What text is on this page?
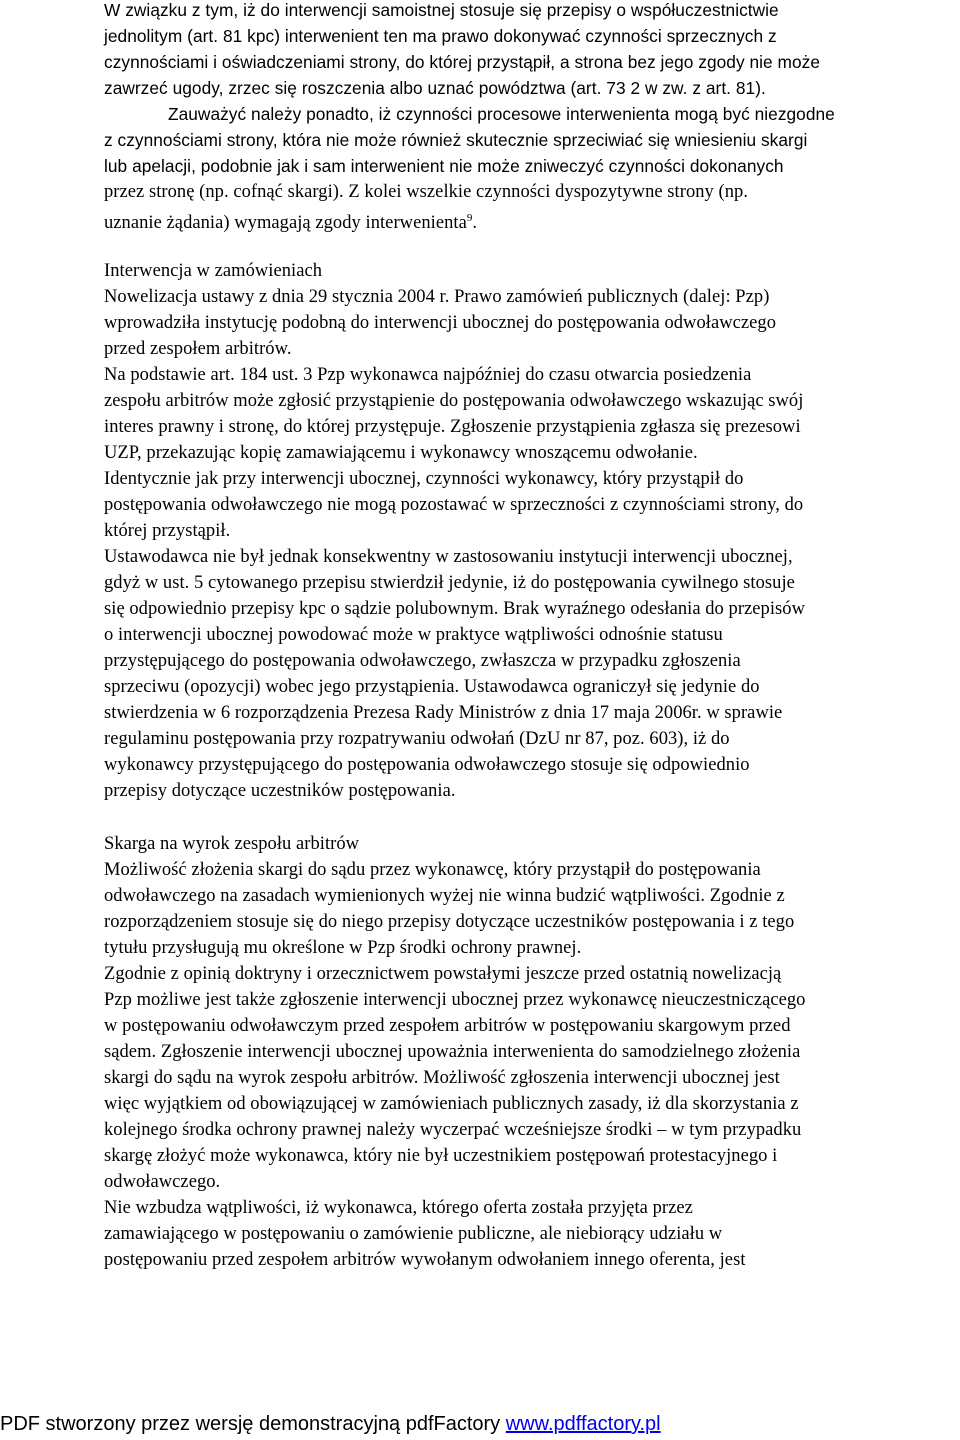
W związku z tym, iż do interwencji samoistnej stosuje się przepisy o współuczestnictwie
jednolitym (art. 81 kpc) interwenient ten ma prawo dokonywać czynności sprzecznych z
czynnościami i oświadczeniami strony, do której przystąpił, a strona bez jego zgody nie może
zawrzeć ugody, zrzec się roszczenia albo uznać powództwa (art. 73 2 w zw. z art. 81).
Zauważyć należy ponadto, iż czynności procesowe interwenienta mogą być niezgodne
z czynnościami strony, która nie może również skutecznie sprzeciwiać się wniesieniu skargi
lub apelacji, podobnie jak i sam interwenient nie może zniweczyć czynności dokonanych
przez stronę (np. cofnąć skargi). Z kolei wszelkie czynności dyspozytywne strony (np.
uznanie żądania) wymagają zgody interwenienta$^9$.
Interwencja w zamówieniach
Nowelizacja ustawy z dnia 29 stycznia 2004 r. Prawo zamówień publicznych (dalej: Pzp)
wprowadziła instytucję podobną do interwencji ubocznej do postępowania odwoławczego
przed zespołem arbitrów.
Na podstawie art. 184 ust. 3 Pzp wykonawca najpóźniej do czasu otwarcia posiedzenia
zespołu arbitrów może zgłosić przystąpienie do postępowania odwoławczego wskazując swój
interes prawny i stronę, do której przystępuje. Zgłoszenie przystąpienia zgłasza się prezesowi
UZP, przekazując kopię zamawiającemu i wykonawcy wnoszącemu odwołanie.
Identycznie jak przy interwencji ubocznej, czynności wykonawcy, który przystąpił do
postępowania odwoławczego nie mogą pozostawać w sprzeczności z czynnościami strony, do
której przystąpił.
Ustawodawca nie był jednak konsekwentny w zastosowaniu instytucji interwencji ubocznej,
gdyż w ust. 5 cytowanego przepisu stwierdził jedynie, iż do postępowania cywilnego stosuje
się odpowiednio przepisy kpc o sądzie polubownym. Brak wyraźnego odesłania do przepisów
o interwencji ubocznej powodować może w praktyce wątpliwości odnośnie statusu
przystępującego do postępowania odwoławczego, zwłaszcza w przypadku zgłoszenia
sprzeciwu (opozycji) wobec jego przystąpienia. Ustawodawca ograniczył się jedynie do
stwierdzenia w 6 rozporządzenia Prezesa Rady Ministrów z dnia 17 maja 2006r. w sprawie
regulaminu postępowania przy rozpatrywaniu odwołań (DzU nr 87, poz. 603), iż do
wykonawcy przystępującego do postępowania odwoławczego stosuje się odpowiednio
przepisy dotyczące uczestników postępowania.
Skarga na wyrok zespołu arbitrów
Możliwość złożenia skargi do sądu przez wykonawcę, który przystąpił do postępowania
odwoławczego na zasadach wymienionych wyżej nie winna budzić wątpliwości. Zgodnie z
rozporządzeniem stosuje się do niego przepisy dotyczące uczestników postępowania i z tego
tytułu przysługują mu określone w Pzp środki ochrony prawnej.
Zgodnie z opinią doktryny i orzecznictwem powstałymi jeszcze przed ostatnią nowelizacją
Pzp możliwe jest także zgłoszenie interwencji ubocznej przez wykonawcę nieuczestniczącego
w postępowaniu odwoławczym przed zespołem arbitrów w postępowaniu skargowym przed
sądem. Zgłoszenie interwencji ubocznej upoważnia interwenienta do samodzielnego złożenia
skargi do sądu na wyrok zespołu arbitrów. Możliwość zgłoszenia interwencji ubocznej jest
więc wyjątkiem od obowiązującej w zamówieniach publicznych zasady, iż dla skorzystania z
kolejnego środka ochrony prawnej należy wyczerpać wcześniejsze środki – w tym przypadku
skargę złożyć może wykonawca, który nie był uczestnikiem postępowań protestacyjnego i
odwoławczego.
Nie wzbudza wątpliwości, iż wykonawca, którego oferta została przyjęta przez
zamawiającego w postępowaniu o zamówienie publiczne, ale niebiorący udziału w
postępowaniu przed zespołem arbitrów wywołanym odwołaniem innego oferenta, jest
PDF stworzony przez wersję demonstracyjną pdfFactory www.pdffactory.pl
